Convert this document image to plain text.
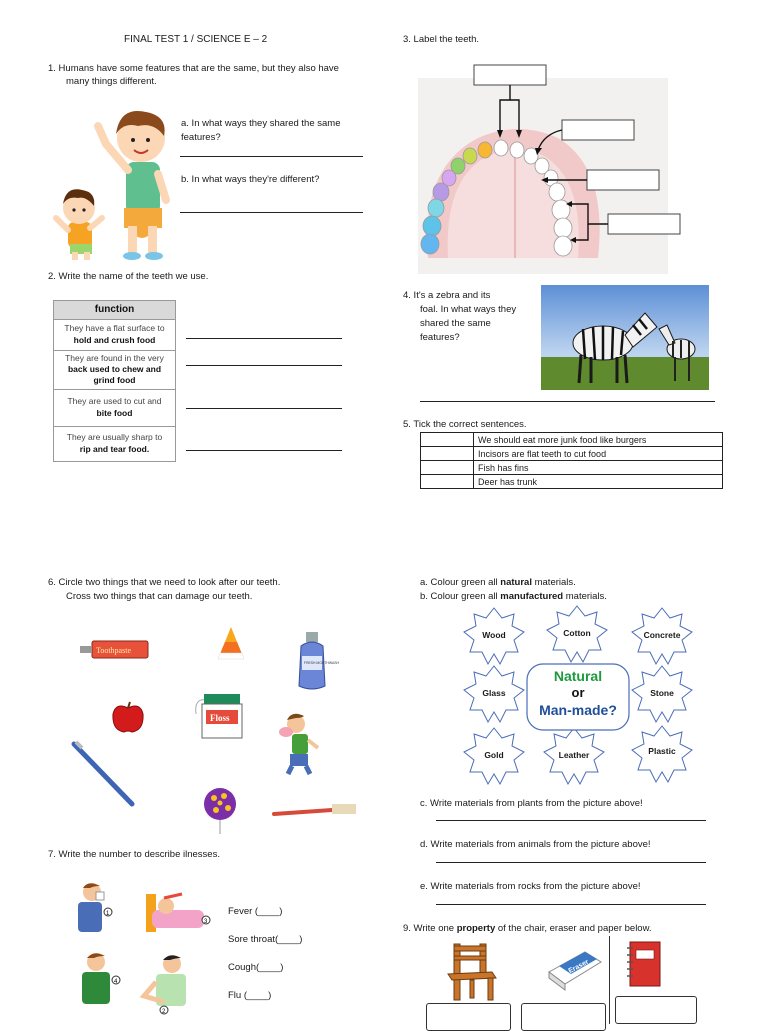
FINAL TEST 1 / SCIENCE E – 2
1. Humans have some features that are the same, but they also have
many things different.
a. In what ways they shared the same
features?
b. In what ways they're different?
2. Write the name of the teeth we use.
function

They have a flat surface to
hold and crush food

They are found in the very
back used to chew and
grind food

They are used to cut and
bite food

They are usually sharp to
rip and tear food.
3. Label the teeth.
4. It's a zebra and its
foal. In what ways they
shared the same
features?
5. Tick the correct sentences.
	We should eat more junk food like burgers
	Incisors are flat teeth to cut food
	Fish has fins
	Deer has trunk
6. Circle two things that we need to look after our teeth.
Cross two things that can damage our teeth.
Toothpaste
FRESH MOUTHWASH
Floss
7. Write the number to describe ilnesses.
1
3
4
2
Fever (____)
Sore throat(____)
Cough(____)
Flu (____)
a. Colour green all natural materials.
b. Colour green all manufactured materials.
Wood	Cotton	Concrete
Glass	Stone
Gold	Leather	Plastic
Natural
or
Man-made?
c. Write materials from plants from the picture above!
d. Write materials from animals from the picture above!
e. Write materials from rocks from the picture above!
9. Write one property of the chair, eraser and paper below.
Eraser
